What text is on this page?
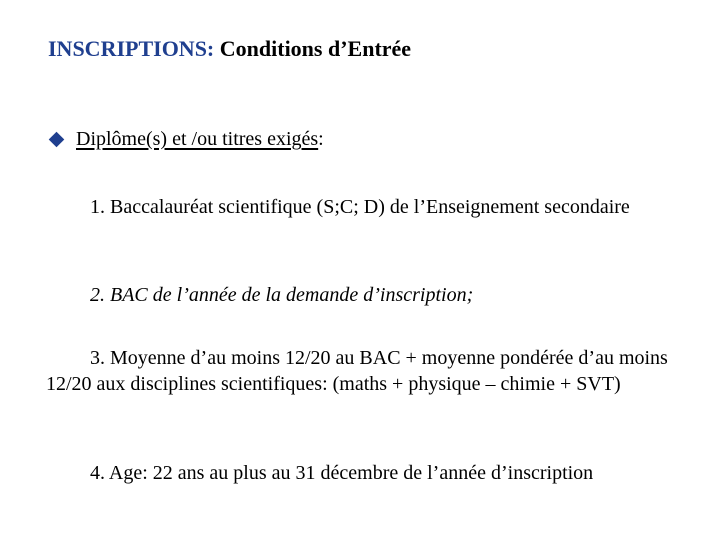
INSCRIPTIONS: Conditions d’Entrée
Diplôme(s) et /ou titres exigés :
1. Baccalauréat scientifique (S;C; D) de l’Enseignement secondaire
2. BAC de l’année de la demande d’inscription;
3. Moyenne d’au moins 12/20 au BAC + moyenne pondérée d’au moins 12/20 aux disciplines scientifiques: (maths + physique – chimie + SVT)
4. Age: 22 ans au plus au 31 décembre de l’année d’inscription
